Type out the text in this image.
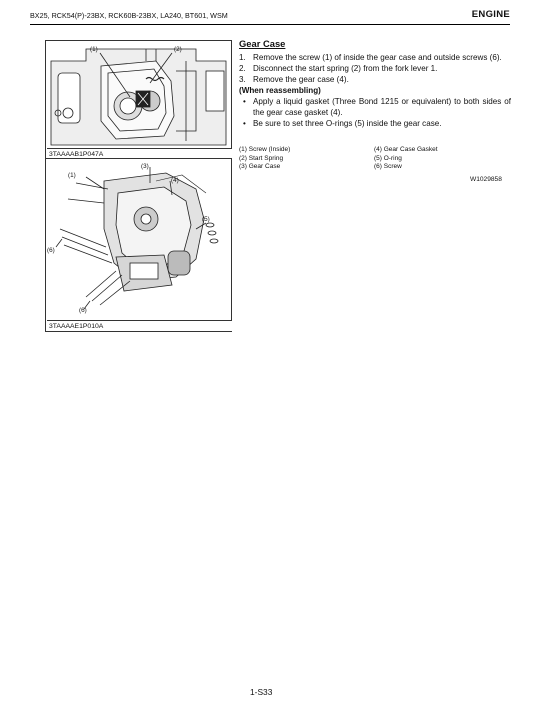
BX25, RCK54(P)-23BX, RCK60B-23BX, LA240, BT601, WSM	ENGINE
(1)	(2)
3TAAAAB1P047A
(1)
(3)
(4)
(5)
(6)
(6)
3TAAAAE1P010A
Gear Case
1. Remove the screw (1) of inside the gear case and outside screws (6).
2. Disconnect the start spring (2) from the fork lever 1.
3. Remove the gear case (4).
(When reassembling)
• Apply a liquid gasket (Three Bond 1215 or equivalent) to both sides of the gear case gasket (4).
• Be sure to set three O-rings (5) inside the gear case.
(1) Screw (Inside)	(4) Gear Case Gasket
(2) Start Spring	(5) O-ring
(3) Gear Case	(6) Screw
W1029858
1-S33
